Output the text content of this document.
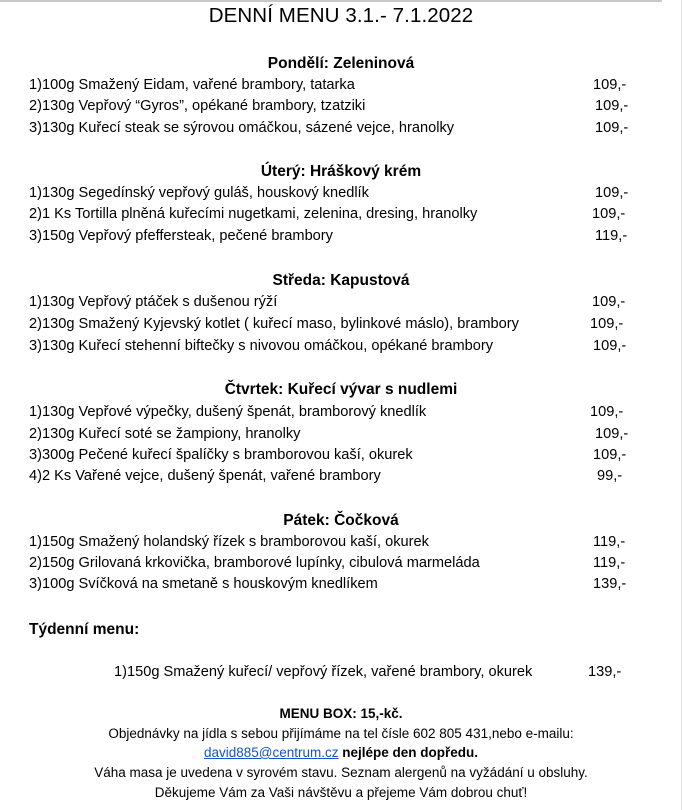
DENNÍ MENU 3.1.- 7.1.2022
Pondělí: Zeleninová
1)100g Smažený Eidam, vařené brambory, tatarka	109,-
2)130g Vepřový “Gyros”, opékané brambory, tzatziki	109,-
3)130g Kuřecí steak se sýrovou omáčkou, sázené vejce, hranolky	109,-
Úterý: Hráškový krém
1)130g Segedínský vepřový guláš, houskový knedlík	109,-
2)1 Ks Tortilla plněná kuřecími nugetkami, zelenina, dresing, hranolky	109,-
3)150g Vepřový pfeffersteak, pečené brambory	119,-
Středa: Kapustová
1)130g Vepřový ptáček s dušenou rýží	109,-
2)130g Smažený Kyjevský kotlet ( kuřecí maso, bylinkové máslo), brambory	109,-
3)130g Kuřecí stehenní biftečky s nivovou omáčkou, opékané brambory	109,-
Čtvrtek: Kuřecí vývar s nudlemi
1)130g Vepřové výpečky, dušený špenát, bramborový knedlík	109,-
2)130g Kuřecí soté se žampiony, hranolky	109,-
3)300g Pečené kuřecí špalíčky s bramborovou kaší, okurek	109,-
4)2 Ks Vařené vejce, dušený špenát, vařené brambory	99,-
Pátek: Čočková
1)150g Smažený holandský řízek s bramborovou kaší, okurek	119,-
2)150g Grilovaná krkovička, bramborové lupínky, cibulová marmeláda	119,-
3)100g Svíčková na smetaně s houskovým knedlíkem	139,-
Týdenní menu:
1)150g Smažený kuřecí/ vepřový řízek, vařené brambory, okurek	139,-
MENU BOX: 15,-kč.
Objednávky na jídla s sebou přijímáme na tel čísle 602 805 431,nebo e-mailu:
david885@centrum.cz nejlépe den dopředu.
Váha masa je uvedena v syrovém stavu. Seznam alergenů na vyžádání u obsluhy.
Děkujeme Vám za Vaši návštěvu a přejeme Vám dobrou chuť!
